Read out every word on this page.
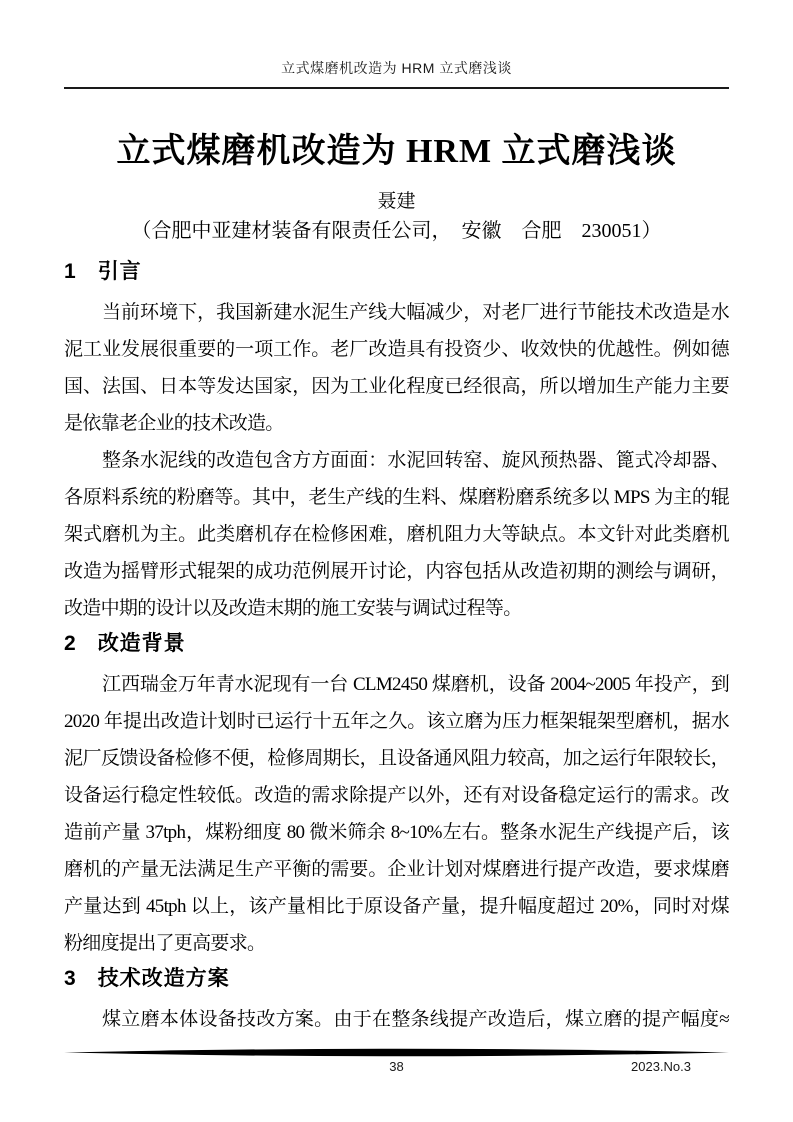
立式煤磨机改造为 HRM 立式磨浅谈
立式煤磨机改造为 HRM 立式磨浅谈
聂建
（合肥中亚建材装备有限责任公司，　安徽　合肥　230051）
1 引言
当前环境下，我国新建水泥生产线大幅减少，对老厂进行节能技术改造是水
泥工业发展很重要的一项工作。老厂改造具有投资少、收效快的优越性。例如德
国、法国、日本等发达国家，因为工业化程度已经很高，所以增加生产能力主要
是依靠老企业的技术改造。
整条水泥线的改造包含方方面面：水泥回转窑、旋风预热器、篦式冷却器、
各原料系统的粉磨等。其中，老生产线的生料、煤磨粉磨系统多以 MPS 为主的辊
架式磨机为主。此类磨机存在检修困难，磨机阻力大等缺点。本文针对此类磨机
改造为摇臂形式辊架的成功范例展开讨论，内容包括从改造初期的测绘与调研，
改造中期的设计以及改造末期的施工安装与调试过程等。
2 改造背景
江西瑞金万年青水泥现有一台 CLM2450 煤磨机，设备 2004~2005 年投产，到
2020 年提出改造计划时已运行十五年之久。该立磨为压力框架辊架型磨机，据水
泥厂反馈设备检修不便，检修周期长，且设备通风阻力较高，加之运行年限较长，
设备运行稳定性较低。改造的需求除提产以外，还有对设备稳定运行的需求。改
造前产量 37tph，煤粉细度 80 微米筛余 8~10%左右。整条水泥生产线提产后，该
磨机的产量无法满足生产平衡的需要。企业计划对煤磨进行提产改造，要求煤磨
产量达到 45tph 以上，该产量相比于原设备产量，提升幅度超过 20%，同时对煤
粉细度提出了更高要求。
3 技术改造方案
煤立磨本体设备技改方案。由于在整条线提产改造后，煤立磨的提产幅度≈
38	2023.No.3
